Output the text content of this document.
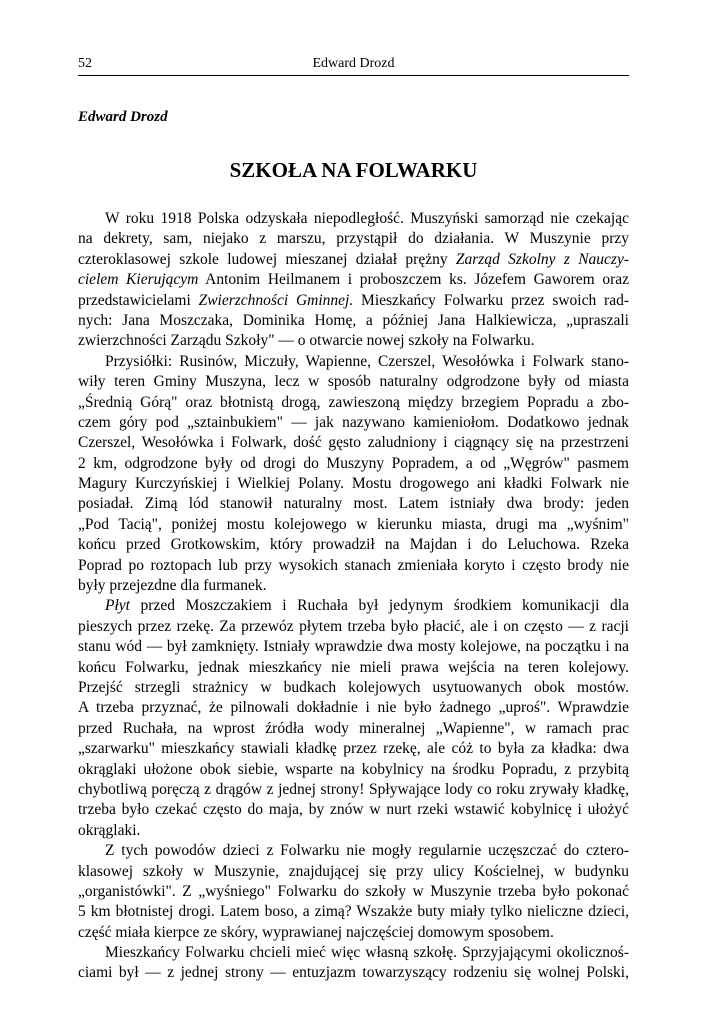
52	Edward Drozd
Edward Drozd
SZKOŁA NA FOLWARKU
W roku 1918 Polska odzyskała niepodległość. Muszyński samorząd nie czekając
na dekrety, sam, niejako z marszu, przystąpił do działania. W Muszynie przy
czteroklasowej szkole ludowej mieszanej działał prężny Zarząd Szkolny z Nauczy-
cielem Kierującym Antonim Heilmanem i proboszczem ks. Józefem Gaworem oraz
przedstawicielami Zwierzchności Gminnej. Mieszkańcy Folwarku przez swoich rad-
nych: Jana Moszczaka, Dominika Homę, a później Jana Halkiewicza, „upraszali
zwierzchności Zarządu Szkoły" — o otwarcie nowej szkoły na Folwarku.
Przysiółki: Rusinów, Miczuły, Wapienne, Czerszel, Wesołówka i Folwark stano-
wiły teren Gminy Muszyna, lecz w sposób naturalny odgrodzone były od miasta
„Średnią Górą" oraz błotnistą drogą, zawieszoną między brzegiem Popradu a zbo-
czem góry pod „sztainbukiem" — jak nazywano kamieniołom. Dodatkowo jednak
Czerszel, Wesołówka i Folwark, dość gęsto zaludniony i ciągnący się na przestrzeni
2 km, odgrodzone były od drogi do Muszyny Popradem, a od „Węgrów" pasmem
Magury Kurczyńskiej i Wielkiej Polany. Mostu drogowego ani kładki Folwark nie
posiadał. Zimą lód stanowił naturalny most. Latem istniały dwa brody: jeden
„Pod Tacią", poniżej mostu kolejowego w kierunku miasta, drugi ma „wyśnim"
końcu przed Grotkowskim, który prowadził na Majdan i do Leluchowa. Rzeka
Poprad po roztopach lub przy wysokich stanach zmieniała koryto i często brody nie
były przejezdne dla furmanek.
Płyt przed Moszczakiem i Ruchała był jedynym środkiem komunikacji dla
pieszych przez rzekę. Za przewóz płytem trzeba było płacić, ale i on często — z racji
stanu wód — był zamknięty. Istniały wprawdzie dwa mosty kolejowe, na początku i na
końcu Folwarku, jednak mieszkańcy nie mieli prawa wejścia na teren kolejowy.
Przejść strzegli strażnicy w budkach kolejowych usytuowanych obok mostów.
A trzeba przyznać, że pilnowali dokładnie i nie było żadnego „uproś". Wprawdzie
przed Ruchała, na wprost źródła wody mineralnej „Wapienne", w ramach prac
„szarwarku" mieszkańcy stawiali kładkę przez rzekę, ale cóż to była za kładka: dwa
okrąglaki ułożone obok siebie, wsparte na kobylnicy na środku Popradu, z przybitą
chybotliwą poręczą z drągów z jednej strony! Spływające lody co roku zrywały kładkę,
trzeba było czekać często do maja, by znów w nurt rzeki wstawić kobylnicę i ułożyć
okrąglaki.
Z tych powodów dzieci z Folwarku nie mogły regularnie uczęszczać do cztero-
klasowej szkoły w Muszynie, znajdującej się przy ulicy Kościelnej, w budynku
„organistówki". Z „wyśniego" Folwarku do szkoły w Muszynie trzeba było pokonać
5 km błotnistej drogi. Latem boso, a zimą? Wszakże buty miały tylko nieliczne dzieci,
część miała kierpce ze skóry, wyprawianej najczęściej domowym sposobem.
Mieszkańcy Folwarku chcieli mieć więc własną szkołę. Sprzyjającymi okolicznoś-
ciami był — z jednej strony — entuzjazm towarzyszący rodzeniu się wolnej Polski,
